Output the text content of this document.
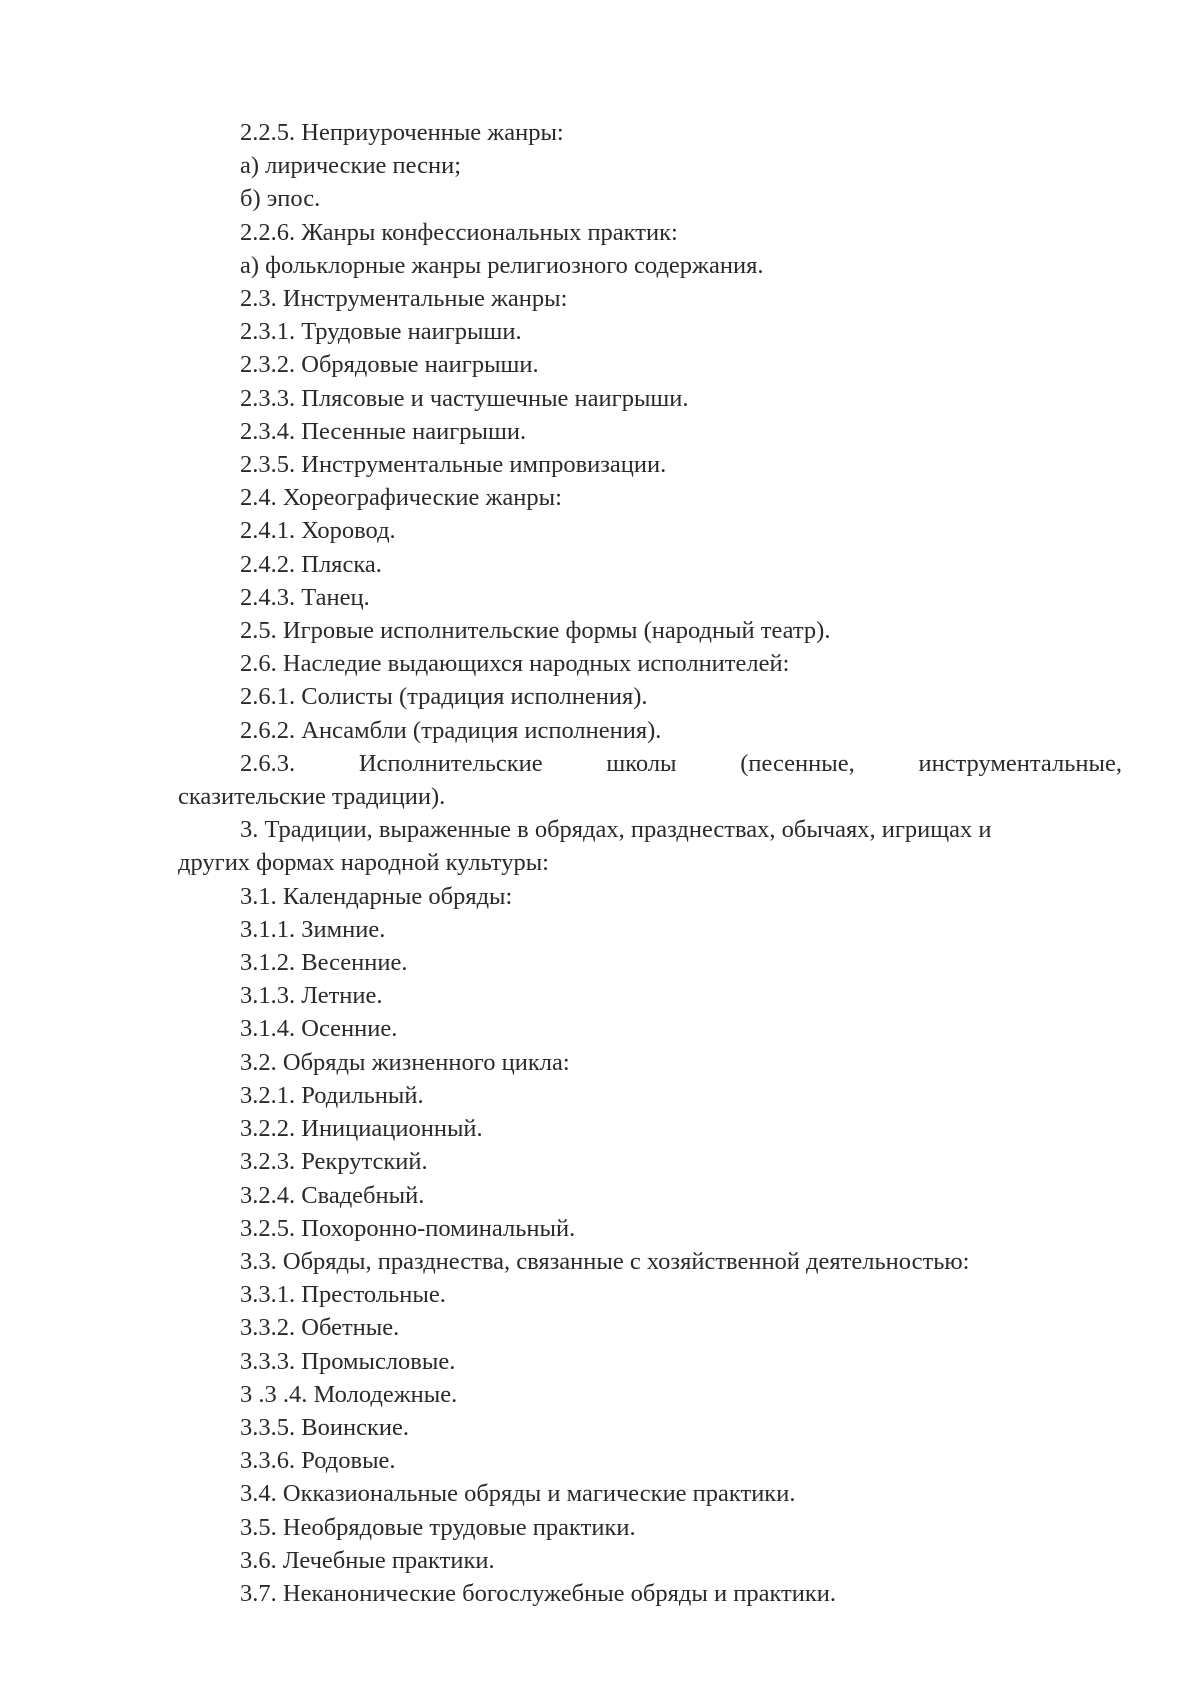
2.2.5. Неприуроченные жанры:
а) лирические песни;
б) эпос.
2.2.6. Жанры конфессиональных практик:
а) фольклорные жанры религиозного содержания.
2.3. Инструментальные жанры:
2.3.1. Трудовые наигрыши.
2.3.2. Обрядовые наигрыши.
2.3.3. Плясовые и частушечные наигрыши.
2.3.4. Песенные наигрыши.
2.3.5. Инструментальные импровизации.
2.4. Хореографические жанры:
2.4.1. Хоровод.
2.4.2. Пляска.
2.4.3. Танец.
2.5. Игровые исполнительские формы (народный театр).
2.6. Наследие выдающихся народных исполнителей:
2.6.1. Солисты (традиция исполнения).
2.6.2. Ансамбли (традиция исполнения).
2.6.3.	Исполнительские	школы	(песенные,	инструментальные,
сказительские традиции).
3. Традиции, выраженные в обрядах, празднествах, обычаях, игрищах и
других формах народной культуры:
3.1. Календарные обряды:
3.1.1. Зимние.
3.1.2. Весенние.
3.1.3. Летние.
3.1.4. Осенние.
3.2. Обряды жизненного цикла:
3.2.1. Родильный.
3.2.2. Инициационный.
3.2.3. Рекрутский.
3.2.4. Свадебный.
3.2.5. Похоронно-поминальный.
3.3. Обряды, празднества, связанные с хозяйственной деятельностью:
3.3.1. Престольные.
3.3.2. Обетные.
3.3.3. Промысловые.
3 .3 .4. Молодежные.
3.3.5. Воинские.
3.3.6. Родовые.
3.4. Окказиональные обряды и магические практики.
3.5. Необрядовые трудовые практики.
3.6. Лечебные практики.
3.7. Неканонические богослужебные обряды и практики.
